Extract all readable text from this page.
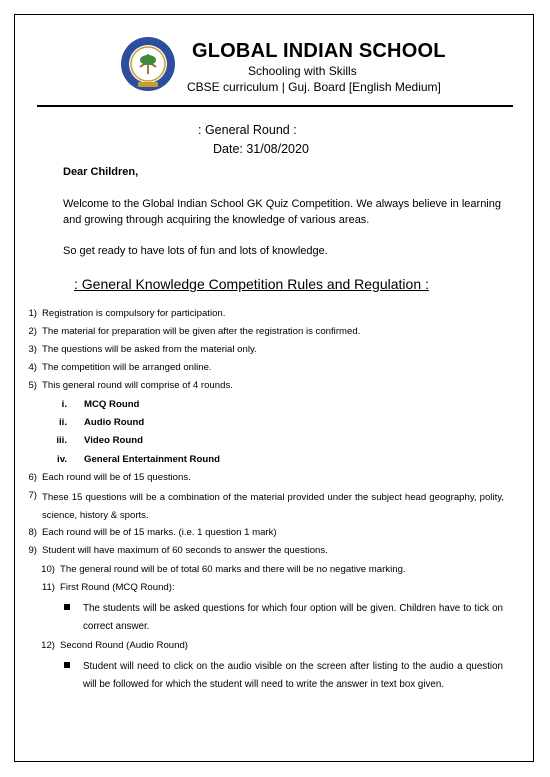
GLOBAL INDIAN SCHOOL
Schooling with Skills
CBSE curriculum | Guj. Board [English Medium]
: General Round :
Date: 31/08/2020
Dear Children,
Welcome to the Global Indian School GK Quiz Competition. We always believe in learning and growing through acquiring the knowledge of various areas.
So get ready to have lots of fun and lots of knowledge.
: General Knowledge Competition Rules and Regulation :
1) Registration is compulsory for participation.
2) The material for preparation will be given after the registration is confirmed.
3) The questions will be asked from the material only.
4) The competition will be arranged online.
5) This general round will comprise of 4 rounds.
i. MCQ Round
ii. Audio Round
iii. Video Round
iv. General Entertainment Round
6) Each round will be of 15 questions.
7) These 15 questions will be a combination of the material provided under the subject head geography, polity, science, history & sports.
8) Each round will be of 15 marks. (i.e. 1 question 1 mark)
9) Student will have maximum of 60 seconds to answer the questions.
10) The general round will be of total 60 marks and there will be no negative marking.
11) First Round (MCQ Round):
The students will be asked questions for which four option will be given. Children have to tick on correct answer.
12) Second Round (Audio Round)
Student will need to click on the audio visible on the screen after listing to the audio a question will be followed for which the student will need to write the answer in text box given.
